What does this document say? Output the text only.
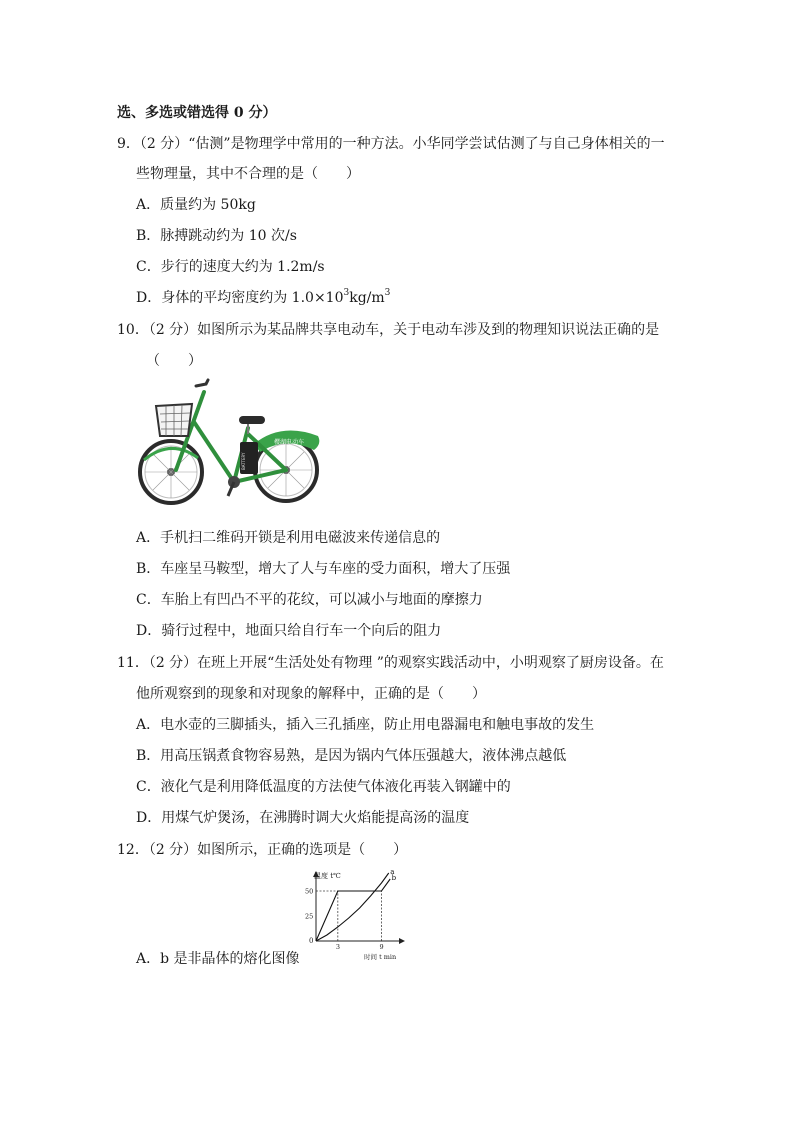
选、多选或错选得 0 分）
9．（2 分）“估测”是物理学中常用的一种方法。小华同学尝试估测了与自己身体相关的一
些物理量，其中不合理的是（　　）
A．质量约为 50kg
B．脉搏跳动约为 10 次/s
C．步行的速度大约为 1.2m/s
D．身体的平均密度约为 $1.0\times 10^3kg/m^3$
10．（2 分）如图所示为某品牌共享电动车，关于电动车涉及到的物理知识说法正确的是
（　　）
樱湖电动车
BATTERY
A．手机扫二维码开锁是利用电磁波来传递信息的
B．车座呈马鞍型，增大了人与车座的受力面积，增大了压强
C．车胎上有凹凸不平的花纹，可以减小与地面的摩擦力
D．骑行过程中，地面只给自行车一个向后的阻力
11．（2 分）在班上开展“生活处处有物理 ”的观察实践活动中，小明观察了厨房设备。在
他所观察到的现象和对现象的解释中，正确的是（　　）
A．电水壶的三脚插头，插入三孔插座，防止用电器漏电和触电事故的发生
B．用高压锅煮食物容易熟，是因为锅内气体压强越大，液体沸点越低
C．液化气是利用降低温度的方法使气体液化再装入钢罐中的
D．用煤气炉煲汤，在沸腾时调大火焰能提高汤的温度
12．（2 分）如图所示，正确的选项是（　　）
a
b
3	9
25
50
温度 t℃
时间 t min
0
A．b 是非晶体的熔化图像
